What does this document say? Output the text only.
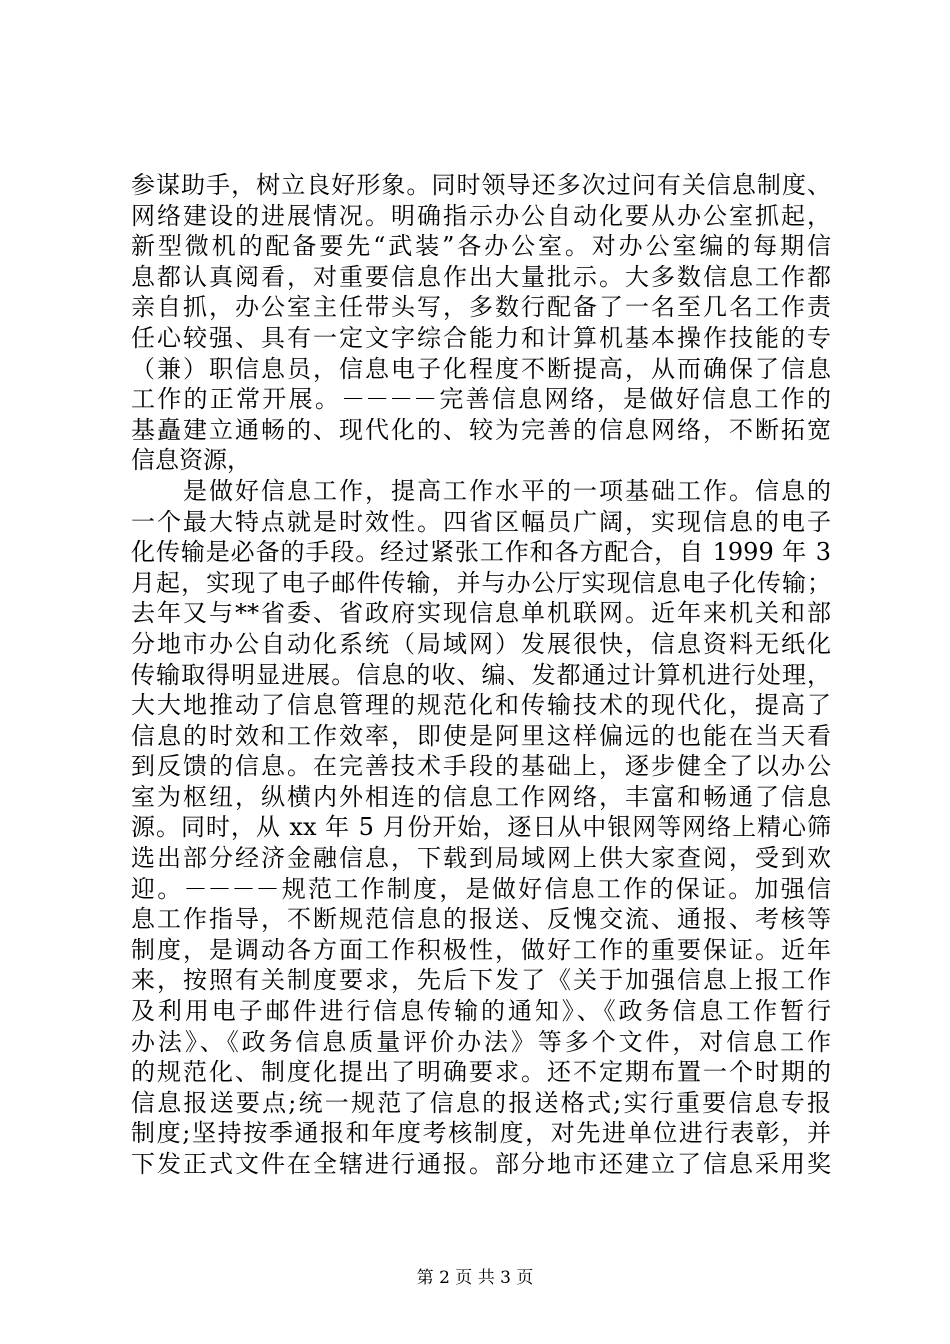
参谋助手，树立良好形象。同时领导还多次过问有关信息制度、
网络建设的进展情况。明确指示办公自动化要从办公室抓起，
新型微机的配备要先“武装”各办公室。对办公室编的每期信
息都认真阅看，对重要信息作出大量批示。大多数信息工作都
亲自抓，办公室主任带头写，多数行配备了一名至几名工作责
任心较强、具有一定文字综合能力和计算机基本操作技能的专
（兼）职信息员，信息电子化程度不断提高，从而确保了信息
工作的正常开展。－－－－完善信息网络，是做好信息工作的
基矗建立通畅的、现代化的、较为完善的信息网络，不断拓宽
信息资源，
　　是做好信息工作，提高工作水平的一项基础工作。信息的
一个最大特点就是时效性。四省区幅员广阔，实现信息的电子
化传输是必备的手段。经过紧张工作和各方配合，自 1999 年 3
月起，实现了电子邮件传输，并与办公厅实现信息电子化传输；
去年又与**省委、省政府实现信息单机联网。近年来机关和部
分地市办公自动化系统（局域网）发展很快，信息资料无纸化
传输取得明显进展。信息的收、编、发都通过计算机进行处理，
大大地推动了信息管理的规范化和传输技术的现代化，提高了
信息的时效和工作效率，即使是阿里这样偏远的也能在当天看
到反馈的信息。在完善技术手段的基础上，逐步健全了以办公
室为枢纽，纵横内外相连的信息工作网络，丰富和畅通了信息
源。同时，从 xx 年 5 月份开始，逐日从中银网等网络上精心筛
选出部分经济金融信息，下载到局域网上供大家查阅，受到欢
迎。－－－－规范工作制度，是做好信息工作的保证。加强信
息工作指导，不断规范信息的报送、反愧交流、通报、考核等
制度，是调动各方面工作积极性，做好工作的重要保证。近年
来，按照有关制度要求，先后下发了《关于加强信息上报工作
及利用电子邮件进行信息传输的通知》、《政务信息工作暂行
办法》、《政务信息质量评价办法》等多个文件，对信息工作
的规范化、制度化提出了明确要求。还不定期布置一个时期的
信息报送要点;统一规范了信息的报送格式;实行重要信息专报
制度;坚持按季通报和年度考核制度，对先进单位进行表彰，并
下发正式文件在全辖进行通报。部分地市还建立了信息采用奖
第 2 页 共 3 页
